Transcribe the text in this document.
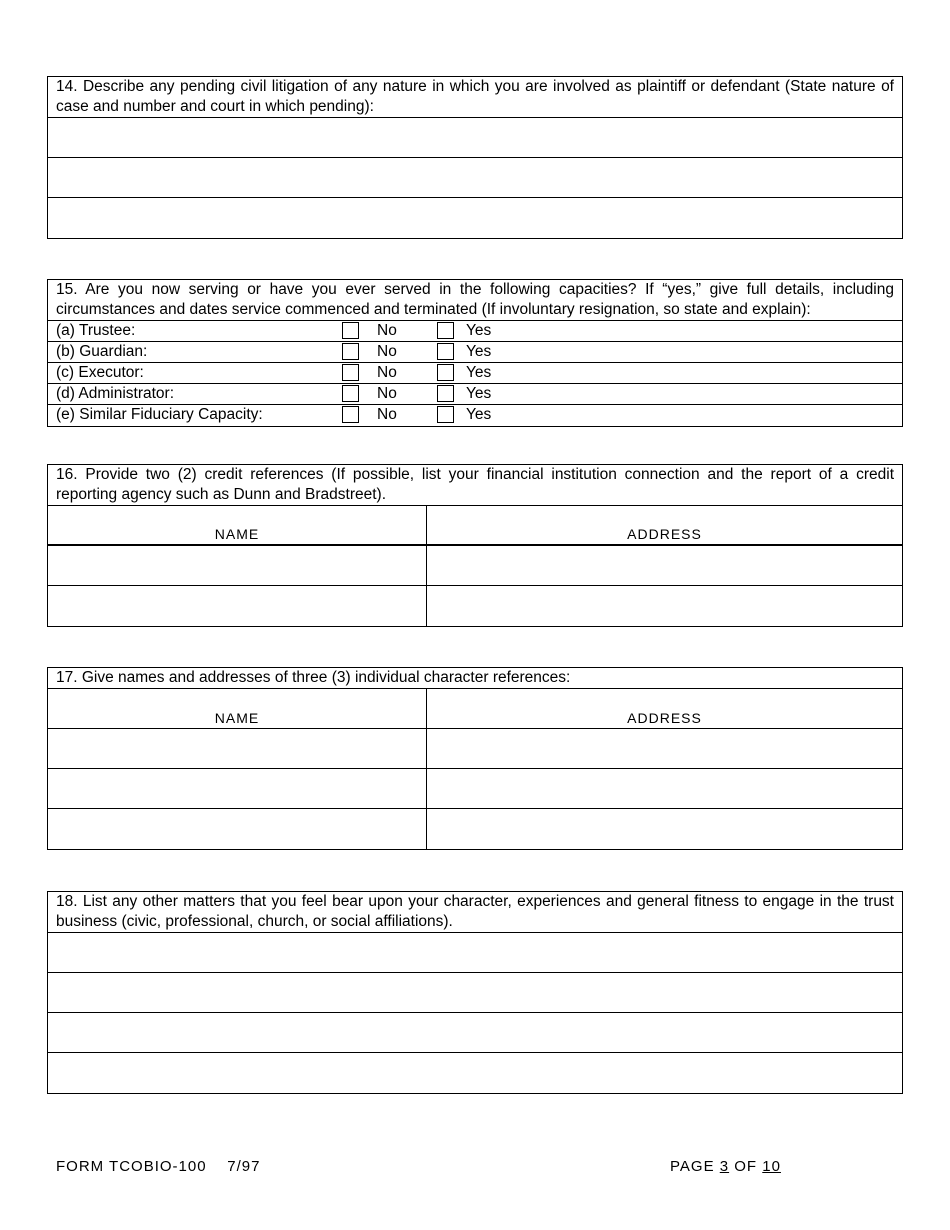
14. Describe any pending civil litigation of any nature in which you are involved as plaintiff or defendant (State nature of case and number and court in which pending):
15. Are you now serving or have you ever served in the following capacities? If “yes,” give full details, including circumstances and dates service commenced and terminated (If involuntary resignation, so state and explain):
(a) Trustee:	No	Yes
(b) Guardian:	No	Yes
(c) Executor:	No	Yes
(d) Administrator:	No	Yes
(e) Similar Fiduciary Capacity:	No	Yes
16. Provide two (2) credit references (If possible, list your financial institution connection and the report of a credit reporting agency such as Dunn and Bradstreet).
NAME	ADDRESS
17. Give names and addresses of three (3) individual character references:
NAME	ADDRESS
18. List any other matters that you feel bear upon your character, experiences and general fitness to engage in the trust business (civic, professional, church, or social affiliations).
FORM TCOBIO-100    7/97	PAGE 3 OF 10
